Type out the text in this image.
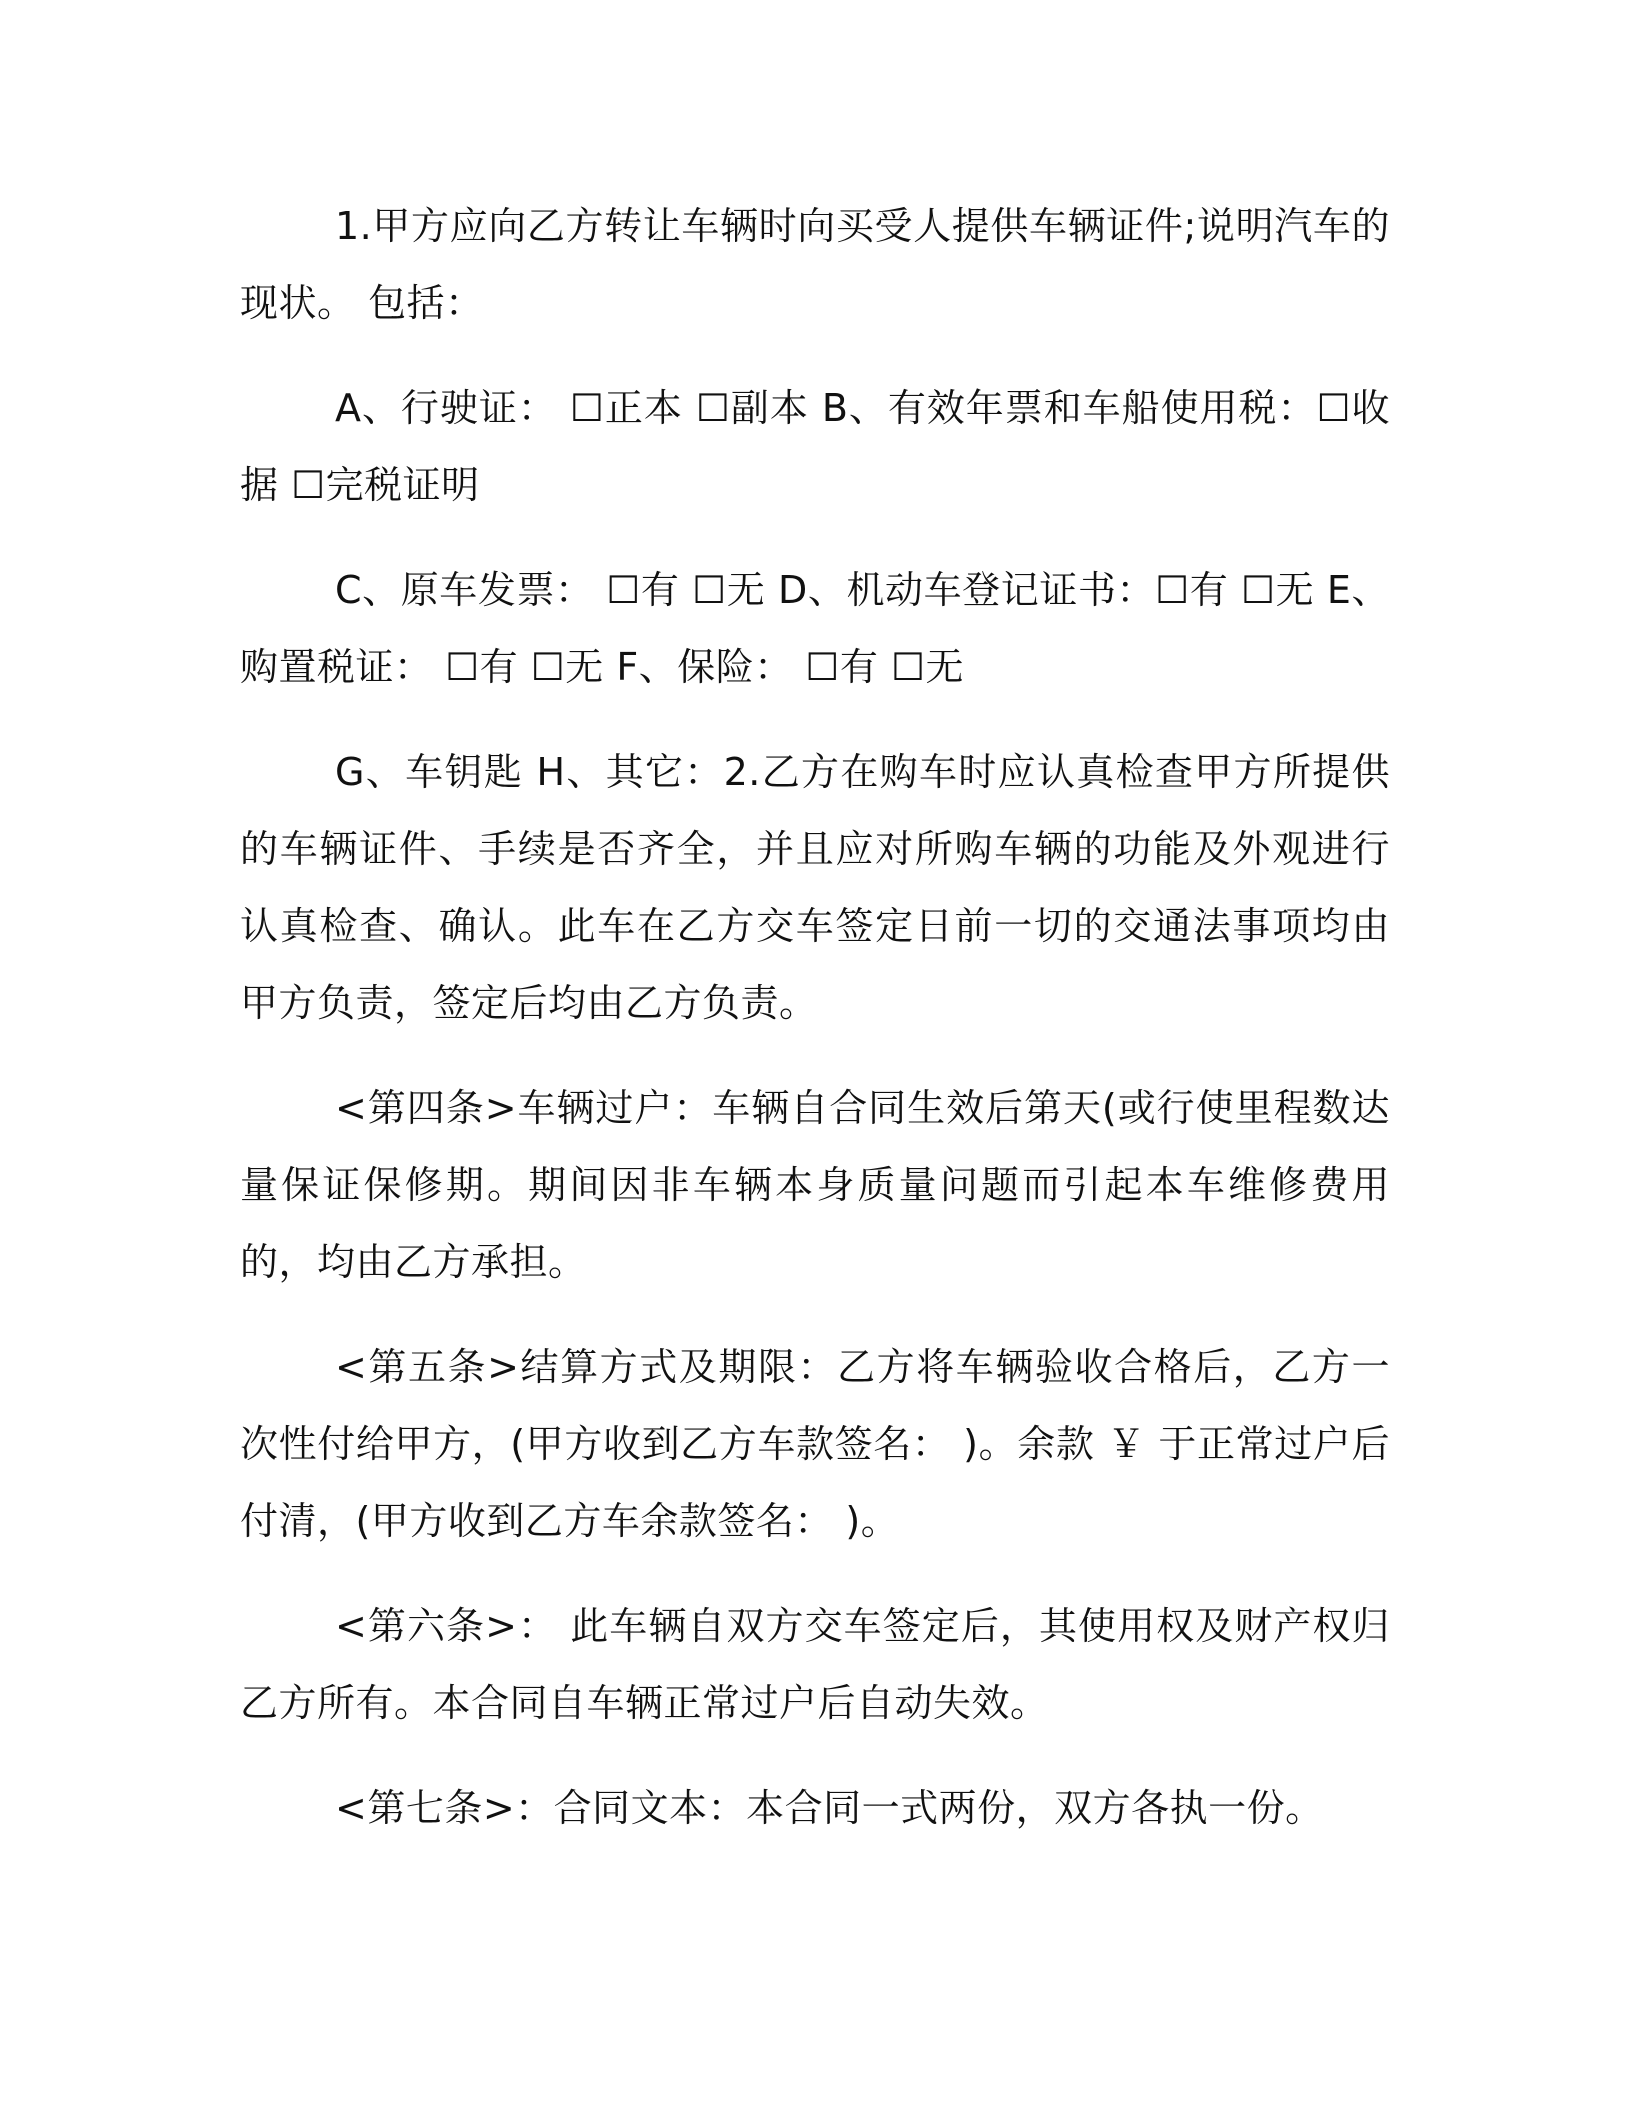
1.甲方应向乙方转让车辆时向买受人提供车辆证件;说明汽车的现状。 包括：

A、行驶证： ☐正本 ☐副本 B、有效年票和车船使用税：☐收据 ☐完税证明

C、原车发票： ☐有 ☐无 D、机动车登记证书：☐有 ☐无 E、购置税证： ☐有 ☐无 F、保险： ☐有 ☐无

G、车钥匙 H、其它：2.乙方在购车时应认真检查甲方所提供的车辆证件、手续是否齐全，并且应对所购车辆的功能及外观进行认真检查、确认。此车在乙方交车签定日前一切的交通法事项均由甲方负责，签定后均由乙方负责。

<第四条>车辆过户：车辆自合同生效后第天(或行使里程数达量保证保修期。期间因非车辆本身质量问题而引起本车维修费用的，均由乙方承担。

<第五条>结算方式及期限：乙方将车辆验收合格后，乙方一次性付给甲方，(甲方收到乙方车款签名： )。余款 ￥ 于正常过户后付清，(甲方收到乙方车余款签名： )。

<第六条>： 此车辆自双方交车签定后，其使用权及财产权归乙方所有。本合同自车辆正常过户后自动失效。

<第七条>：合同文本：本合同一式两份，双方各执一份。
